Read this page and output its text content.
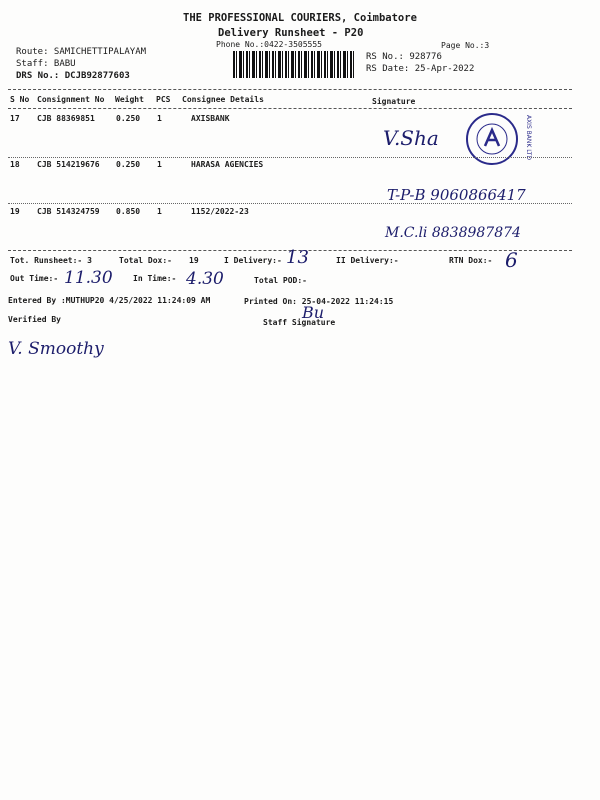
THE PROFESSIONAL COURIERS, Coimbatore
Delivery Runsheet - P20
Phone No.:0422-3505555	Page No.:3
Route: SAMICHETTIPALAYAM
Staff: BABU
DRS No.: DCJB92877603
RS No.: 928776
RS Date: 25-Apr-2022
S No Consignment No Weight PCS Consignee Details	Signature
17 CJB 88369851	0.250 1	AXISBANK
V.Sha	AXIS BANK LTD
18 CJB 514219676 0.250 1	HARASA AGENCIES
T-P-B 9060866417
19 CJB 514324759 0.850 1	1152/2022-23
M.C.li 8838987874
Tot. Runsheet:- 3	Total Dox:- 19	I Delivery:- 13	II Delivery:-	RTN Dox:- 6
Out Time:- 11.30	In Time:- 4.30	Total POD:-
Entered By :MUTHUP20 4/25/2022 11:24:09 AM	Printed On: 25-04-2022 11:24:15
Verified By	Staff Signature
Bu
V. Smoothy
